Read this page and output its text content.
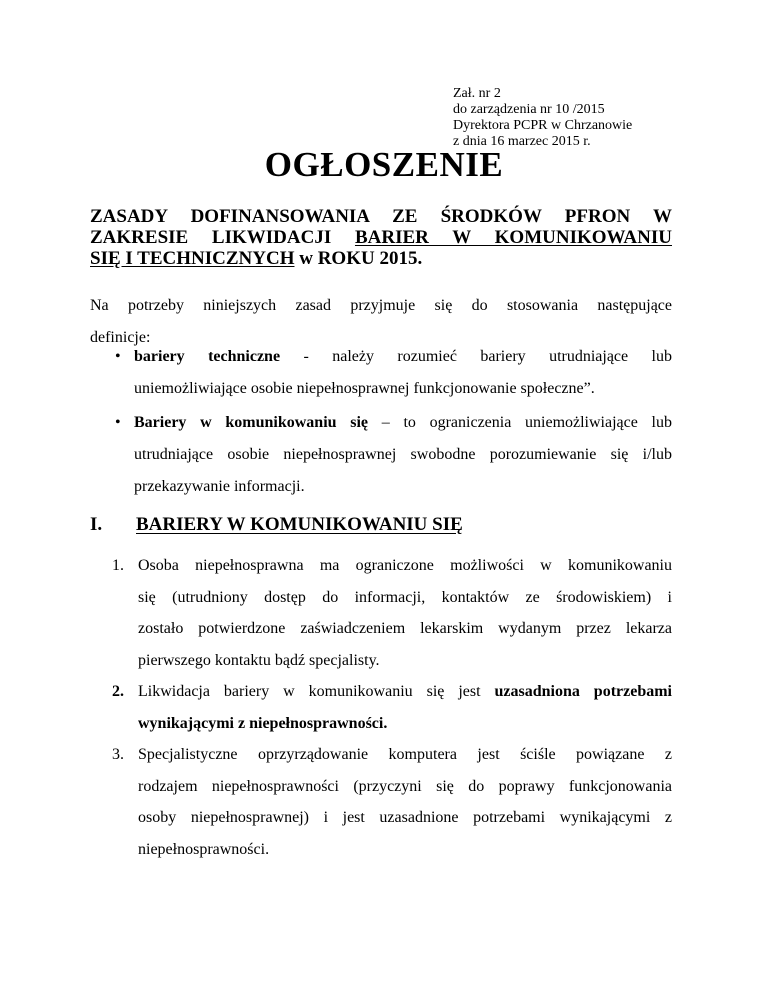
Zał. nr 2
do zarządzenia nr 10 /2015
Dyrektora PCPR w Chrzanowie
z dnia 16 marzec 2015 r.
OGŁOSZENIE
ZASADY DOFINANSOWANIA ZE ŚRODKÓW PFRON W
ZAKRESIE LIKWIDACJI BARIER W KOMUNIKOWANIU
SIĘ I TECHNICZNYCH w ROKU 2015.
Na potrzeby niniejszych zasad przyjmuje się do stosowania następujące
definicje:
• bariery techniczne - należy rozumieć bariery utrudniające lub
uniemożliwiające osobie niepełnosprawnej funkcjonowanie społeczne”.
• Bariery w komunikowaniu się – to ograniczenia uniemożliwiające lub
utrudniające osobie niepełnosprawnej swobodne porozumiewanie się i/lub
przekazywanie informacji.
I. BARIERY W KOMUNIKOWANIU SIĘ
1. Osoba niepełnosprawna ma ograniczone możliwości w komunikowaniu
się (utrudniony dostęp do informacji, kontaktów ze środowiskiem) i
zostało potwierdzone zaświadczeniem lekarskim wydanym przez lekarza
pierwszego kontaktu bądź specjalisty.
2. Likwidacja bariery w komunikowaniu się jest uzasadniona potrzebami
wynikającymi z niepełnosprawności.
3. Specjalistyczne oprzyrządowanie komputera jest ściśle powiązane z
rodzajem niepełnosprawności (przyczyni się do poprawy funkcjonowania
osoby niepełnosprawnej) i jest uzasadnione potrzebami wynikającymi z
niepełnosprawności.
